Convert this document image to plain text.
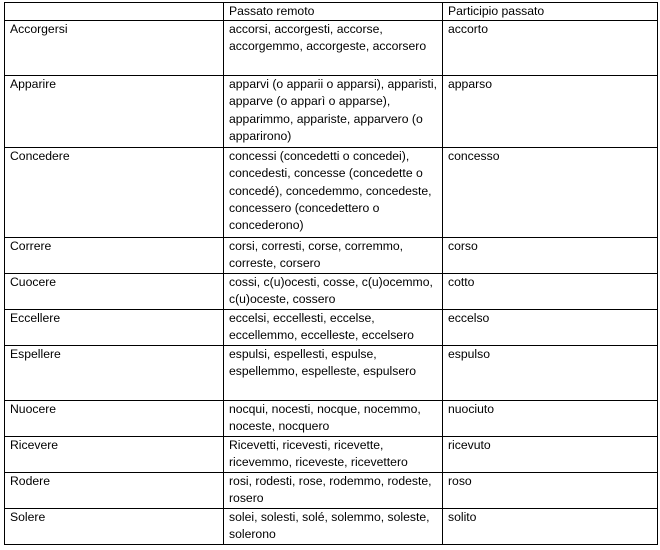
	Passato remoto	Participio passato
Accorgersi	accorsi, accorgesti, accorse, accorgemmo, accorgeste, accorsero	accorto
Apparire	apparvi (o apparii o apparsi), apparisti, apparve (o apparì o apparse), apparimmo, appariste, apparvero (o apparirono)	apparso
Concedere	concessi (concedetti o concedei), concedesti, concesse (concedette o concedé), concedemmo, concedeste, concessero (concedettero o concederono)	concesso
Correre	corsi, corresti, corse, corremmo, correste, corsero	corso
Cuocere	cossi, c(u)ocesti, cosse, c(u)ocemmo, c(u)oceste, cossero	cotto
Eccellere	eccelsi, eccellesti, eccelse, eccellemmo, eccelleste, eccelsero	eccelso
Espellere	espulsi, espellesti, espulse, espellemmo, espelleste, espulsero	espulso
Nuocere	nocqui, nocesti, nocque, nocemmo, noceste, nocquero	nuociuto
Ricevere	Ricevetti, ricevesti, ricevette, ricevemmo, riceveste, ricevettero	ricevuto
Rodere	rosi, rodesti, rose, rodemmo, rodeste, rosero	roso
Solere	solei, solesti, solé, solemmo, soleste, solerono	solito
